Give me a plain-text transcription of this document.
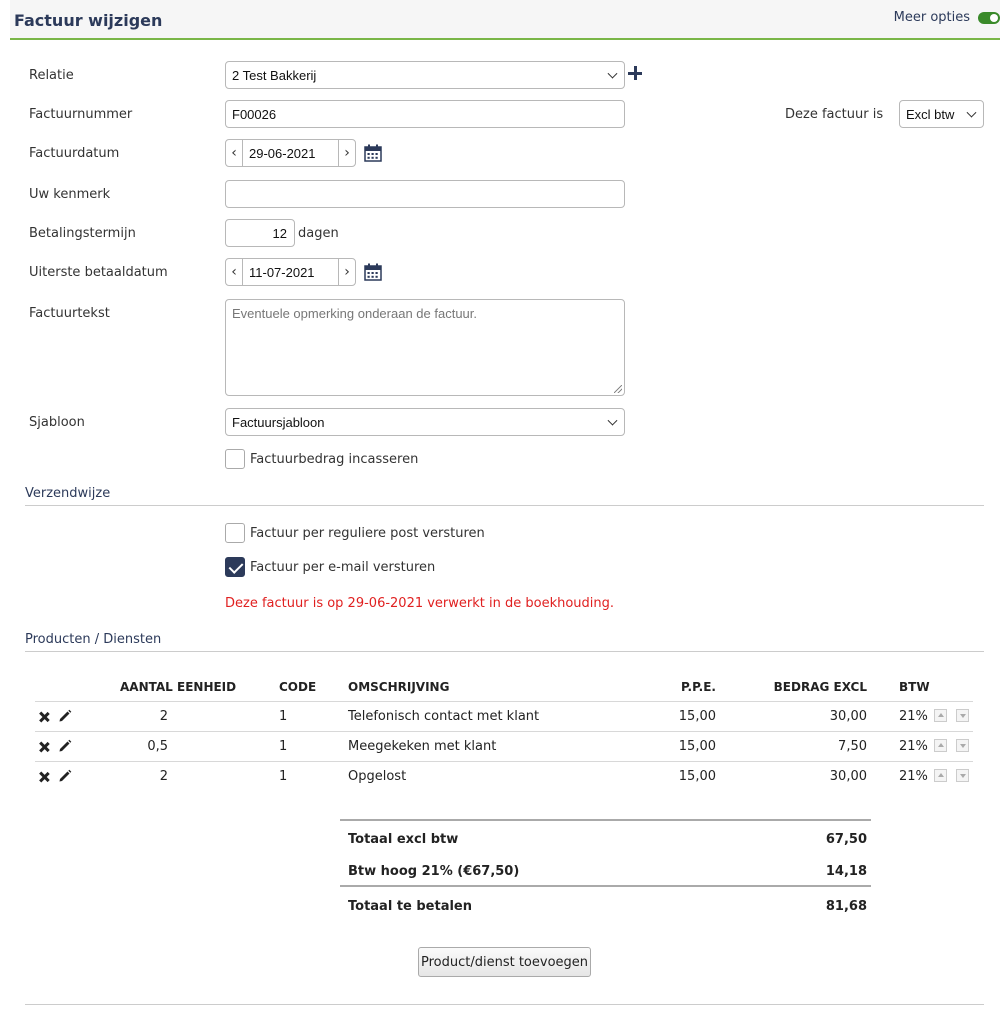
Factuur wijzigen	Meer opties
Relatie	2 Test Bakkerij
Factuurnummer	F00026	Deze factuur is Excl btw
Factuurdatum	‹ 29-06-2021	›
Uw kenmerk
Betalingstermijn	12 dagen
Uiterste betaaldatum	‹ 11-07-2021	›
Factuurtekst	Eventuele opmerking onderaan de factuur.
Sjabloon	Factuursjabloon
Factuurbedrag incasseren
Verzendwijze
Factuur per reguliere post versturen
Factuur per e-mail versturen
Deze factuur is op 29-06-2021 verwerkt in de boekhouding.
Producten / Diensten
AANTAL EENHEID	CODE	OMSCHRIJVING	P.P.E.	BEDRAG EXCL	BTW
2	1	Telefonisch contact met klant	15,00	30,00 21%
0,5	1	Meegekeken met klant	15,00	7,50 21%
2	1	Opgelost	15,00	30,00 21%
Totaal excl btw	67,50
Btw hoog 21% (€67,50)	14,18
Totaal te betalen	81,68
Product/dienst toevoegen
